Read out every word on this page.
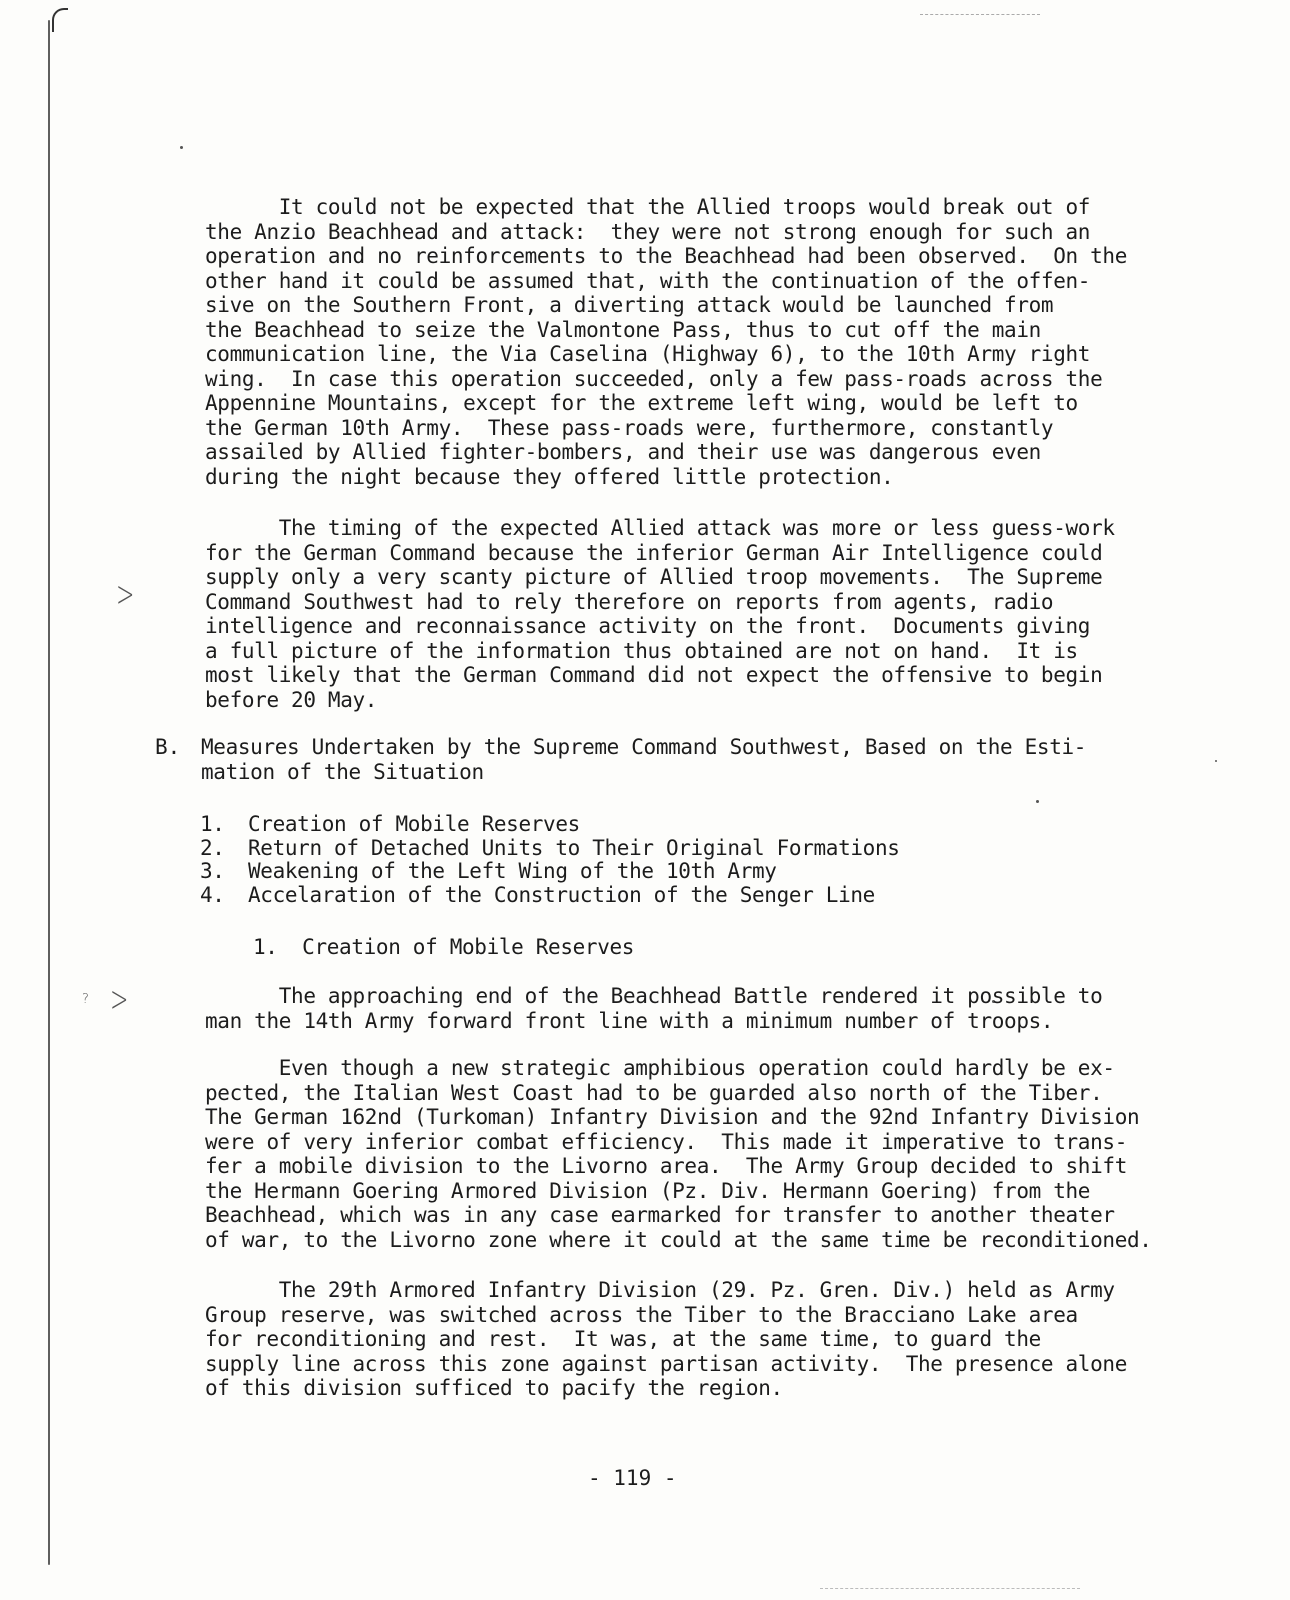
>
>
?
It could not be expected that the Allied troops would break out of
the Anzio Beachhead and attack:  they were not strong enough for such an
operation and no reinforcements to the Beachhead had been observed.  On the
other hand it could be assumed that, with the continuation of the offen-
sive on the Southern Front, a diverting attack would be launched from
the Beachhead to seize the Valmontone Pass, thus to cut off the main
communication line, the Via Caselina (Highway 6), to the 10th Army right
wing.  In case this operation succeeded, only a few pass-roads across the
Appennine Mountains, except for the extreme left wing, would be left to
the German 10th Army.  These pass-roads were, furthermore, constantly
assailed by Allied fighter-bombers, and their use was dangerous even
during the night because they offered little protection.
The timing of the expected Allied attack was more or less guess-work
for the German Command because the inferior German Air Intelligence could
supply only a very scanty picture of Allied troop movements.  The Supreme
Command Southwest had to rely therefore on reports from agents, radio
intelligence and reconnaissance activity on the front.  Documents giving
a full picture of the information thus obtained are not on hand.  It is
most likely that the German Command did not expect the offensive to begin
before 20 May.
B. Measures Undertaken by the Supreme Command Southwest, Based on the Esti-
mation of the Situation
1. Creation of Mobile Reserves
2. Return of Detached Units to Their Original Formations
3. Weakening of the Left Wing of the 10th Army
4. Accelaration of the Construction of the Senger Line
1.  Creation of Mobile Reserves
The approaching end of the Beachhead Battle rendered it possible to
man the 14th Army forward front line with a minimum number of troops.
Even though a new strategic amphibious operation could hardly be ex-
pected, the Italian West Coast had to be guarded also north of the Tiber.
The German 162nd (Turkoman) Infantry Division and the 92nd Infantry Division
were of very inferior combat efficiency.  This made it imperative to trans-
fer a mobile division to the Livorno area.  The Army Group decided to shift
the Hermann Goering Armored Division (Pz. Div. Hermann Goering) from the
Beachhead, which was in any case earmarked for transfer to another theater
of war, to the Livorno zone where it could at the same time be reconditioned.
The 29th Armored Infantry Division (29. Pz. Gren. Div.) held as Army
Group reserve, was switched across the Tiber to the Bracciano Lake area
for reconditioning and rest.  It was, at the same time, to guard the
supply line across this zone against partisan activity.  The presence alone
of this division sufficed to pacify the region.
- 119 -
